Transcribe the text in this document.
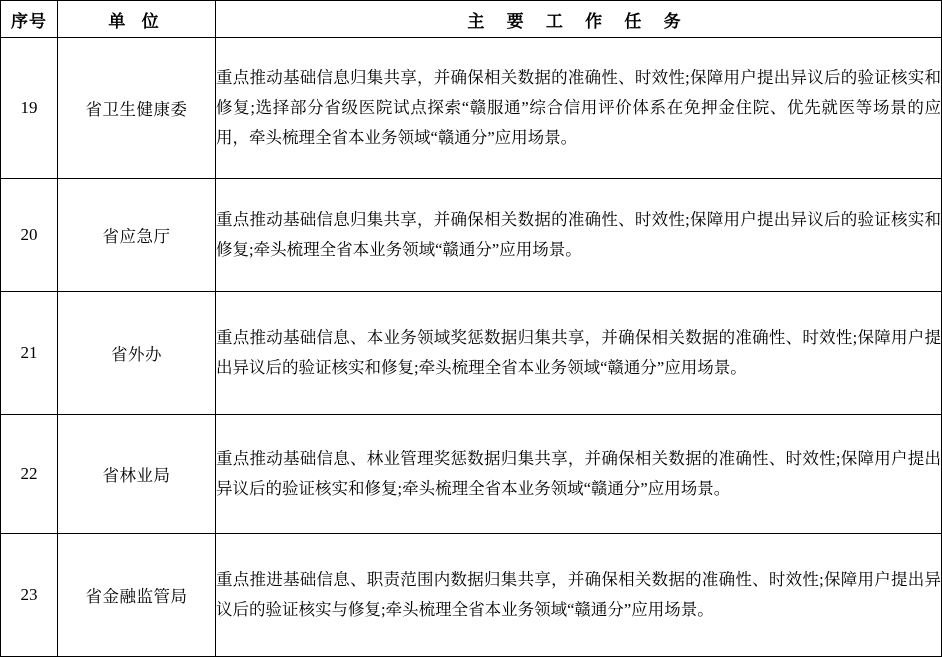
序号	单 位	主 要 工 作 任 务
19	省卫生健康委	重点推动基础信息归集共享，并确保相关数据的准确性、时效性;保障用户提出异议后的验证核实和修复;选择部分省级医院试点探索“赣服通”综合信用评价体系在免押金住院、优先就医等场景的应用，牵头梳理全省本业务领域“赣通分”应用场景。

20	省应急厅	重点推动基础信息归集共享，并确保相关数据的准确性、时效性;保障用户提出异议后的验证核实和修复;牵头梳理全省本业务领域“赣通分”应用场景。

21	省外办	重点推动基础信息、本业务领域奖惩数据归集共享，并确保相关数据的准确性、时效性;保障用户提出异议后的验证核实和修复;牵头梳理全省本业务领域“赣通分”应用场景。

22	省林业局	重点推动基础信息、林业管理奖惩数据归集共享，并确保相关数据的准确性、时效性;保障用户提出异议后的验证核实和修复;牵头梳理全省本业务领域“赣通分”应用场景。

23	省金融监管局	重点推进基础信息、职责范围内数据归集共享，并确保相关数据的准确性、时效性;保障用户提出异议后的验证核实与修复;牵头梳理全省本业务领域“赣通分”应用场景。
